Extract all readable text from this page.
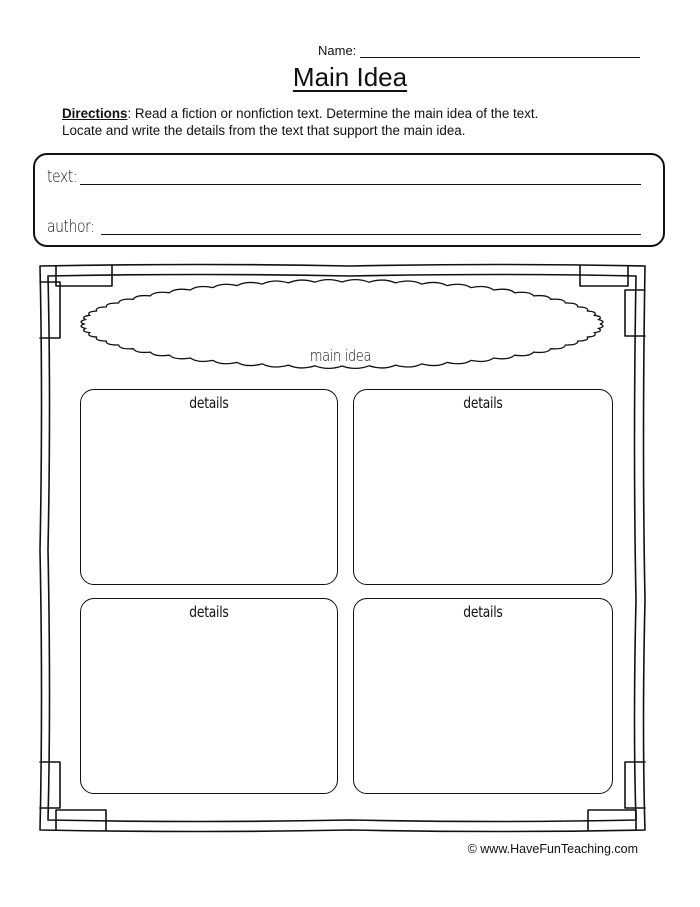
Name:
Main Idea
Directions: Read a fiction or nonfiction text. Determine the main idea of the text.
Locate and write the details from the text that support the main idea.
text:
author:
main idea
details	details
details	details
© www.HaveFunTeaching.com
